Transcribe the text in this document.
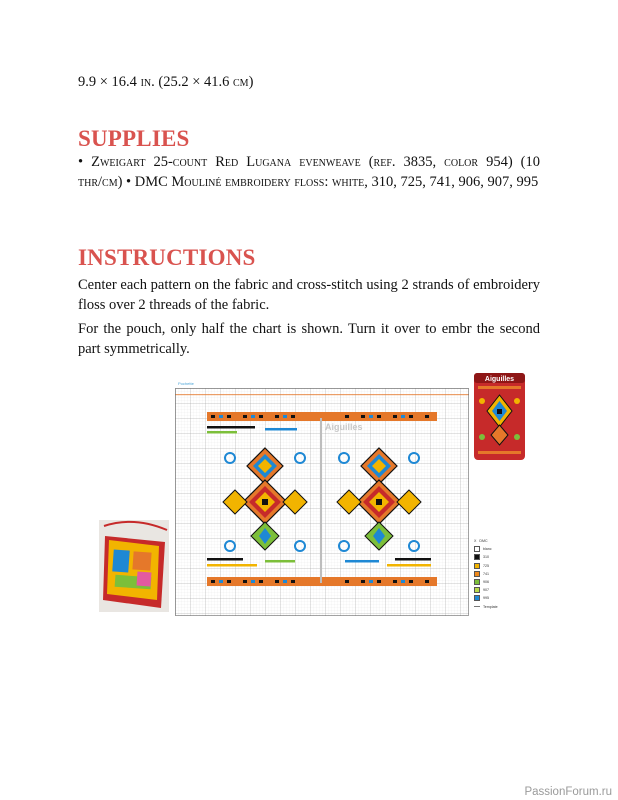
9.9 × 16.4 in. (25.2 × 41.6 cm)
SUPPLIES
• Zweigart 25-count Red Lugana evenweave (ref. 3835, color 954) (10 thr/cm) • DMC Mouliné embroidery floss: white, 310, 725, 741, 906, 907, 995
INSTRUCTIONS
Center each pattern on the fabric and cross-stitch using 2 strands of embroidery floss over 2 threads of the fabric.
For the pouch, only half the chart is shown. Turn it over to embr the second part symmetrically.
Pochette
Aiguilles
X DMC
blanc
310
725
741
906
907
995
Template
Aiguilles
PassionForum.ru
